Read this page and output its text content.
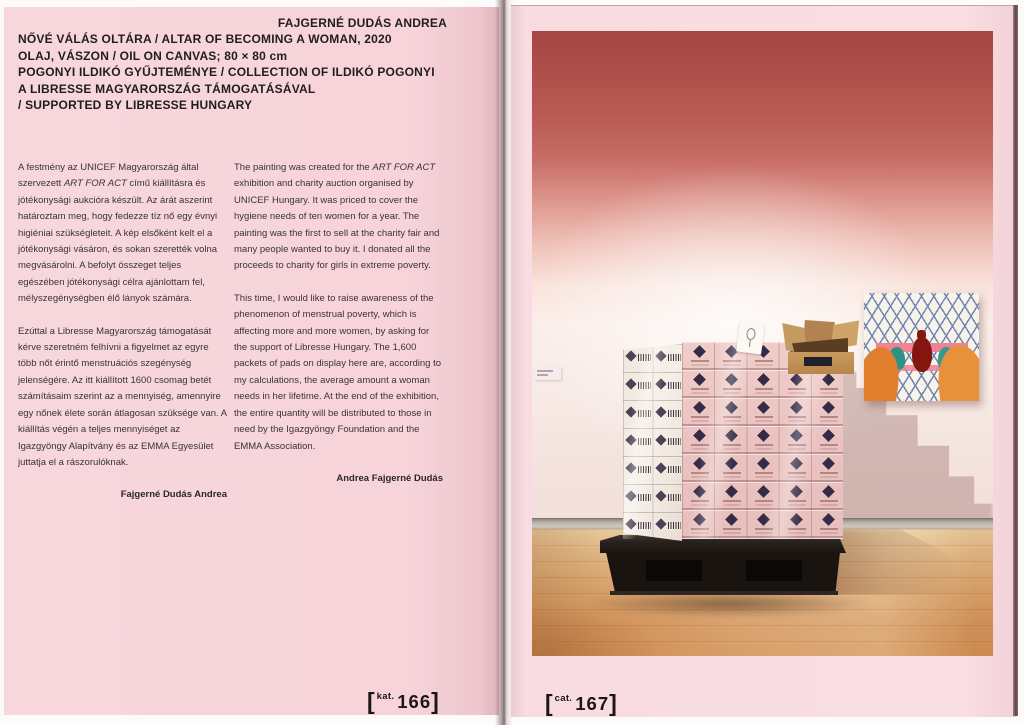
FAJGERNÉ DUDÁS ANDREA
NŐVÉ VÁLÁS OLTÁRA / ALTAR OF BECOMING A WOMAN, 2020
OLAJ, VÁSZON / OIL ON CANVAS; 80 × 80 cm
POGONYI ILDIKÓ GYŰJTEMÉNYE / COLLECTION OF ILDIKÓ POGONYI
A LIBRESSE MAGYARORSZÁG TÁMOGATÁSÁVAL
/ SUPPORTED BY LIBRESSE HUNGARY

A festmény az UNICEF Magyarország által szervezett ART FOR ACT című kiállításra és jótékonysági aukcióra készült. Az árát aszerint határoztam meg, hogy fedezze tíz nő egy évnyi higiéniai szükségleteit. A kép elsőként kelt el a jótékonysági vásáron, és sokan szerették volna megvásárolni. A befolyt összeget teljes egészében jótékonysági célra ajánlottam fel, mélyszegénységben élő lányok számára.

Ezúttal a Libresse Magyarország támogatását kérve szeretném felhívni a figyelmet az egyre több nőt érintő menstruációs szegénység jelenségére. Az itt kiállított 1600 csomag betét számításaim szerint az a mennyiség, amennyire egy nőnek élete során átlagosan szüksége van. A kiállítás végén a teljes mennyiséget az Igazgyöngy Alapítvány és az EMMA Egyesület juttatja el a rászorulóknak.

Fajgerné Dudás Andrea

The painting was created for the ART FOR ACT exhibition and charity auction organised by UNICEF Hungary. It was priced to cover the hygiene needs of ten women for a year. The painting was the first to sell at the charity fair and many people wanted to buy it. I donated all the proceeds to charity for girls in extreme poverty.

This time, I would like to raise awareness of the phenomenon of menstrual poverty, which is affecting more and more women, by asking for the support of Libresse Hungary. The 1,600 packets of pads on display here are, according to my calculations, the average amount a woman needs in her lifetime. At the end of the exhibition, the entire quantity will be distributed to those in need by the Igazgyöngy Foundation and the EMMA Association.

Andrea Fajgerné Dudás
[ kat. 166 ]	[ cat. 167 ]
